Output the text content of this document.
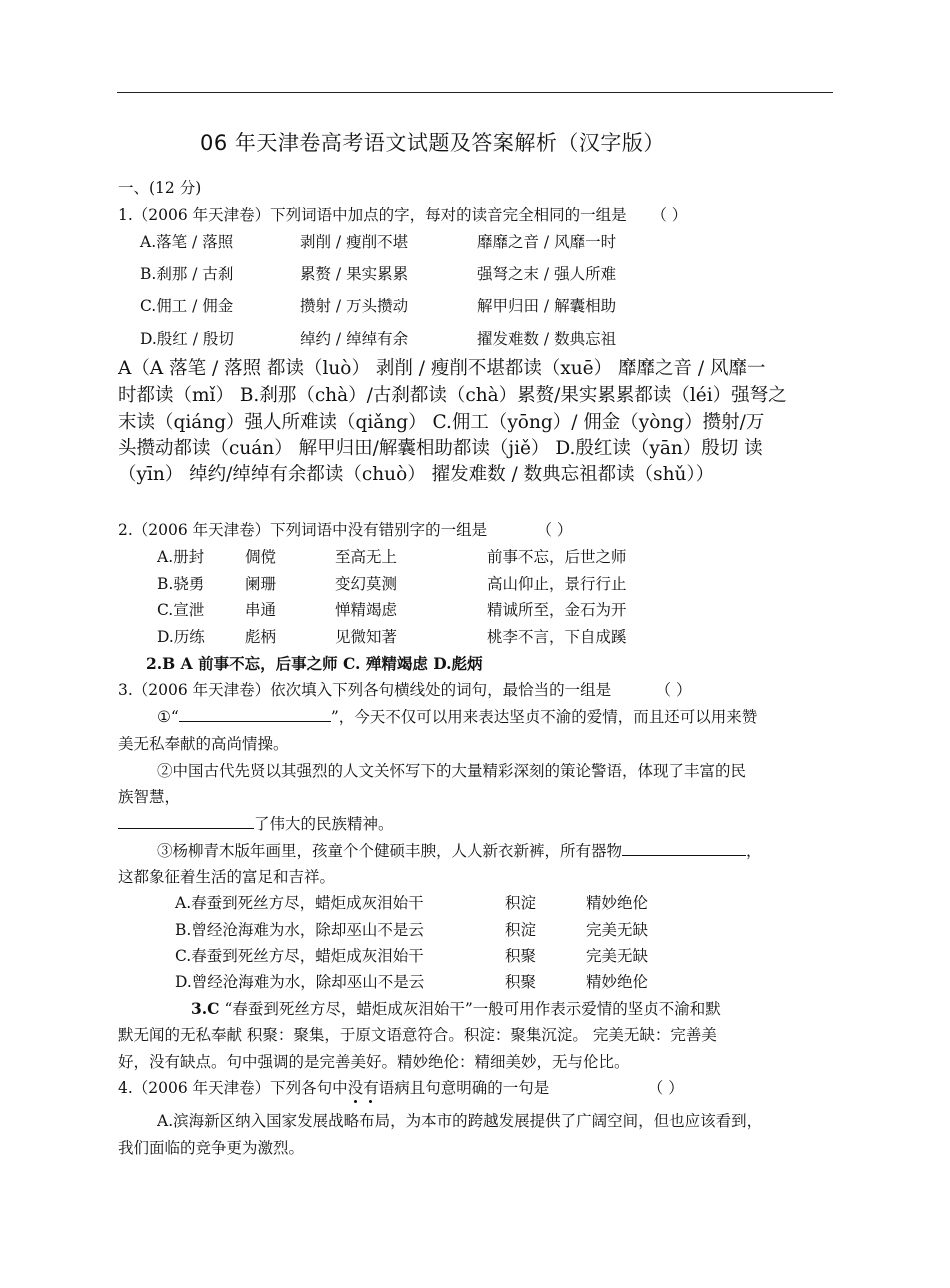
06 年天津卷高考语文试题及答案解析（汉字版）
一、(12 分)
1.（2006 年天津卷）下列词语中加点的字，每对的读音完全相同的一组是 （ ）
A.落笔 / 落照	剥削 / 瘦削不堪	靡靡之音 / 风靡一时
B.刹那 / 古刹	累赘 / 果实累累	强弩之末 / 强人所难
C.佣工 / 佣金	攒射 / 万头攒动	解甲归田 / 解囊相助
D.殷红 / 殷切	绰约 / 绰绰有余	擢发难数 / 数典忘祖
A（A 落笔 / 落照 都读（luò） 剥削 / 瘦削不堪都读（xuē） 靡靡之音 / 风靡一
时都读（mǐ） B.刹那（chà）/古刹都读（chà）累赘/果实累累都读（léi）强弩之
末读（qiáng）强人所难读（qiǎng） C.佣工（yōng）/ 佣金（yòng）攒射/万
头攒动都读（cuán） 解甲归田/解囊相助都读（jiě） D.殷红读（yān）殷切 读
（yīn） 绰约/绰绰有余都读（chuò） 擢发难数 / 数典忘祖都读（shǔ））
2.（2006 年天津卷）下列词语中没有错别字的一组是	（ ）
A.册封	倜傥	至高无上	前事不忘，后世之师
B.骁勇	阑珊	变幻莫测	高山仰止，景行行止
C.宣泄	串通	惮精竭虑	精诚所至，金石为开
D.历练	彪柄	见微知著	桃李不言，下自成蹊
2.B A 前事不忘，后事之师 C. 殚精竭虑 D.彪炳
3.（2006 年天津卷）依次填入下列各句横线处的词句，最恰当的一组是	（ ）
①“	”，今天不仅可以用来表达坚贞不渝的爱情，而且还可以用来赞
美无私奉献的高尚情操。
②中国古代先贤以其强烈的人文关怀写下的大量精彩深刻的策论警语，体现了丰富的民
族智慧，
了伟大的民族精神。
③杨柳青木版年画里，孩童个个健硕丰腴，人人新衣新裤，所有器物	，
这都象征着生活的富足和吉祥。
A.春蚕到死丝方尽，蜡炬成灰泪始干	积淀	精妙绝伦
B.曾经沧海难为水，除却巫山不是云	积淀	完美无缺
C.春蚕到死丝方尽，蜡炬成灰泪始干	积聚	完美无缺
D.曾经沧海难为水，除却巫山不是云	积聚	精妙绝伦
3.C “春蚕到死丝方尽，蜡炬成灰泪始干”一般可用作表示爱情的坚贞不渝和默
默无闻的无私奉献 积聚：聚集，于原文语意符合。积淀：聚集沉淀。 完美无缺：完善美
好，没有缺点。句中强调的是完善美好。精妙绝伦：精细美妙，无与伦比。
4.（2006 年天津卷）下列各句中没有语病且句意明确的一句是	（ ）
A.滨海新区纳入国家发展战略布局，为本市的跨越发展提供了广阔空间，但也应该看到，
我们面临的竞争更为激烈。
